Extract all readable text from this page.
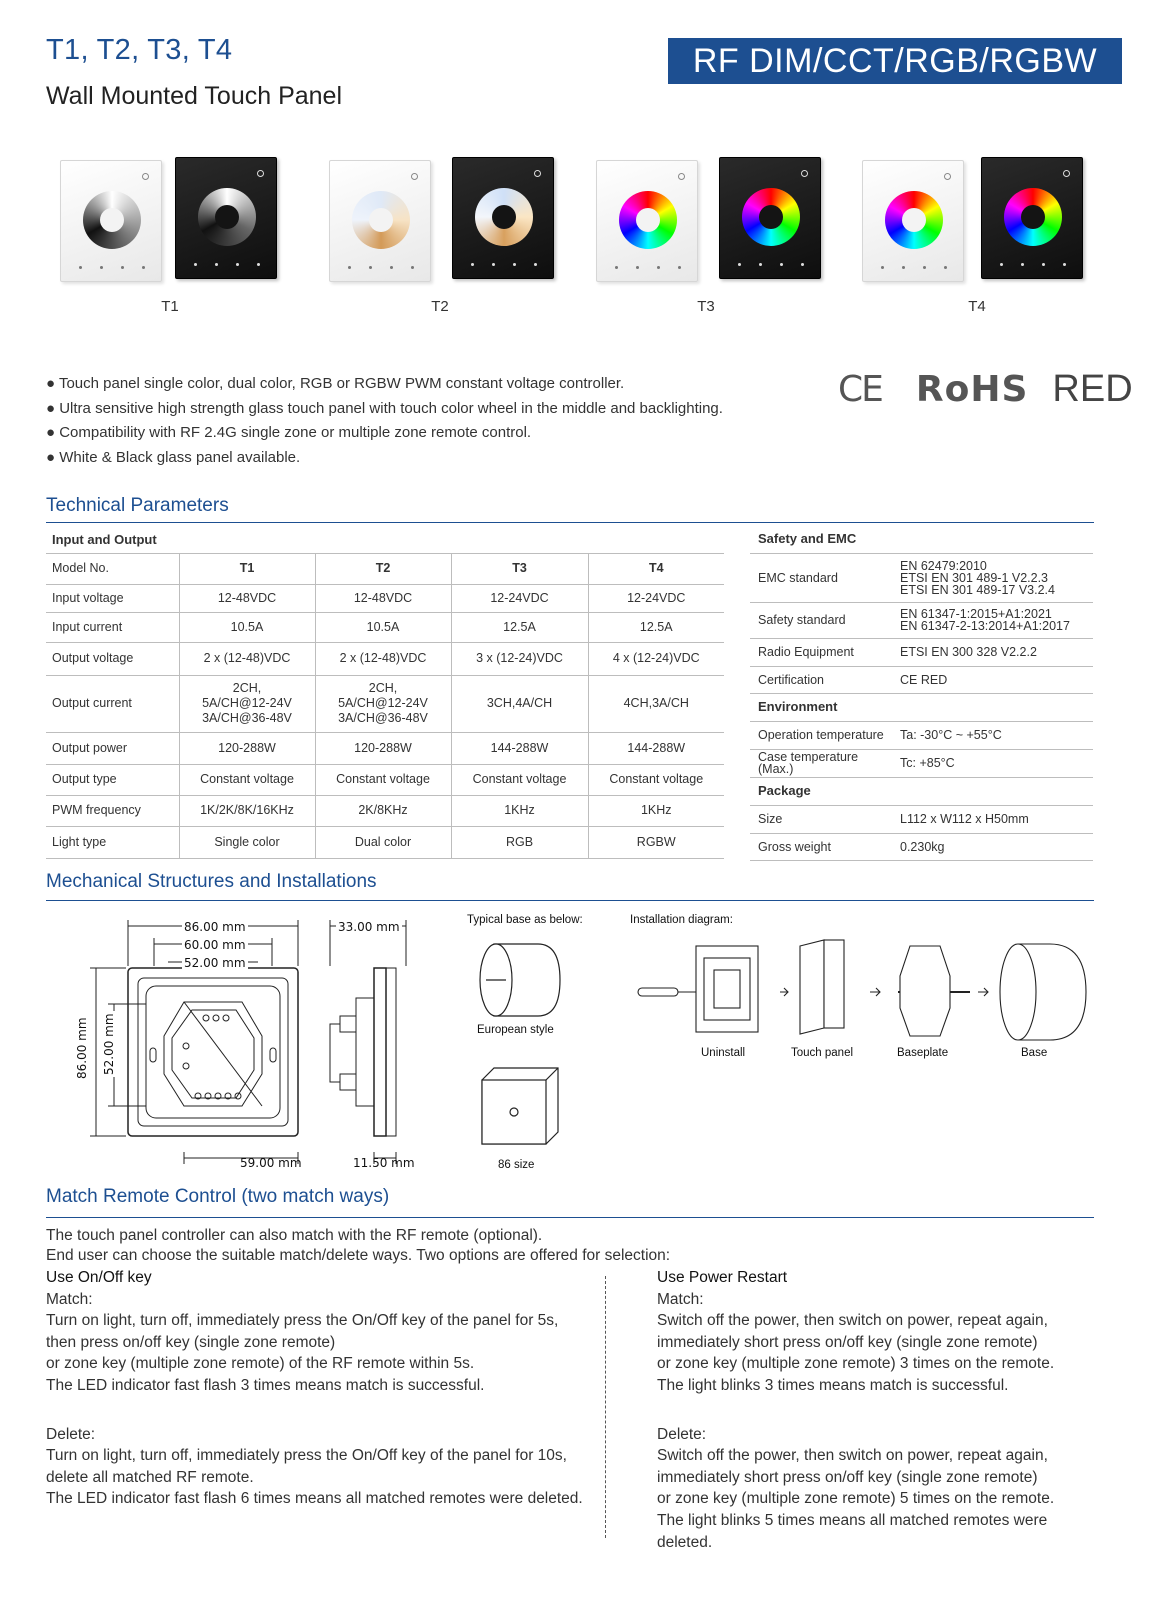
T1, T2, T3, T4
Wall Mounted Touch Panel
RF DIM/CCT/RGB/RGBW
T1	T2	T3	T4
● Touch panel single color, dual color, RGB or RGBW PWM constant voltage controller.
● Ultra sensitive high strength glass touch panel with touch color wheel in the middle and backlighting.
● Compatibility with RF 2.4G single zone or multiple zone remote control.
● White & Black glass panel available.
CE RoHS RED
Technical Parameters
Input and Output				
Model No.	T1	T2	T3	T4
Input voltage	12-48VDC	12-48VDC	12-24VDC	12-24VDC
Input current	10.5A	10.5A	12.5A	12.5A
Output voltage	2 x (12-48)VDC	2 x (12-48)VDC	3 x (12-24)VDC	4 x (12-24)VDC
Output current	2CH,
5A/CH@12-24V
3A/CH@36-48V	2CH,
5A/CH@12-24V
3A/CH@36-48V	3CH,4A/CH	4CH,3A/CH
Output power	120-288W	120-288W	144-288W	144-288W
Output type	Constant voltage	Constant voltage	Constant voltage	Constant voltage
PWM frequency	1K/2K/8K/16KHz	2K/8KHz	1KHz	1KHz
Light type	Single color	Dual color	RGB	RGBW
Safety and EMC	
EMC standard	EN 62479:2010
ETSI EN 301 489-1 V2.2.3
ETSI EN 301 489-17 V3.2.4
Safety standard	EN 61347-1:2015+A1:2021
EN 61347-2-13:2014+A1:2017
Radio Equipment	ETSI EN 300 328 V2.2.2
Certification	CE RED
Environment	
Operation temperature	Ta: -30°C ~ +55°C
Case temperature (Max.)	Tc: +85°C
Package	
Size	L112 x W112 x H50mm
Gross weight	0.230kg
Mechanical Structures and Installations
86.00 mm
60.00 mm
52.00 mm
86.00 mm 52.00 mm
59.00 mm
33.00 mm
11.50 mm
Typical base as below:
European style
86 size
Installation diagram:
Uninstall	Touch panel	Baseplate	Base
Match Remote Control (two match ways)
The touch panel controller can also match with the RF remote (optional).
End user can choose the suitable match/delete ways. Two options are offered for selection:
Use On/Off key
Match:
Turn on light, turn off, immediately press the On/Off key of the panel for 5s,
then press on/off key (single zone remote)
or zone key (multiple zone remote) of the RF remote within 5s.
The LED indicator fast flash 3 times means match is successful.
Delete:
Turn on light, turn off, immediately press the On/Off key of the panel for 10s,
delete all matched RF remote.
The LED indicator fast flash 6 times means all matched remotes were deleted.
Use Power Restart
Match:
Switch off the power, then switch on power, repeat again,
immediately short press on/off key (single zone remote)
or zone key (multiple zone remote) 3 times on the remote.
The light blinks 3 times means match is successful.
Delete:
Switch off the power, then switch on power, repeat again,
immediately short press on/off key (single zone remote)
or zone key (multiple zone remote) 5 times on the remote.
The light blinks 5 times means all matched remotes were deleted.
